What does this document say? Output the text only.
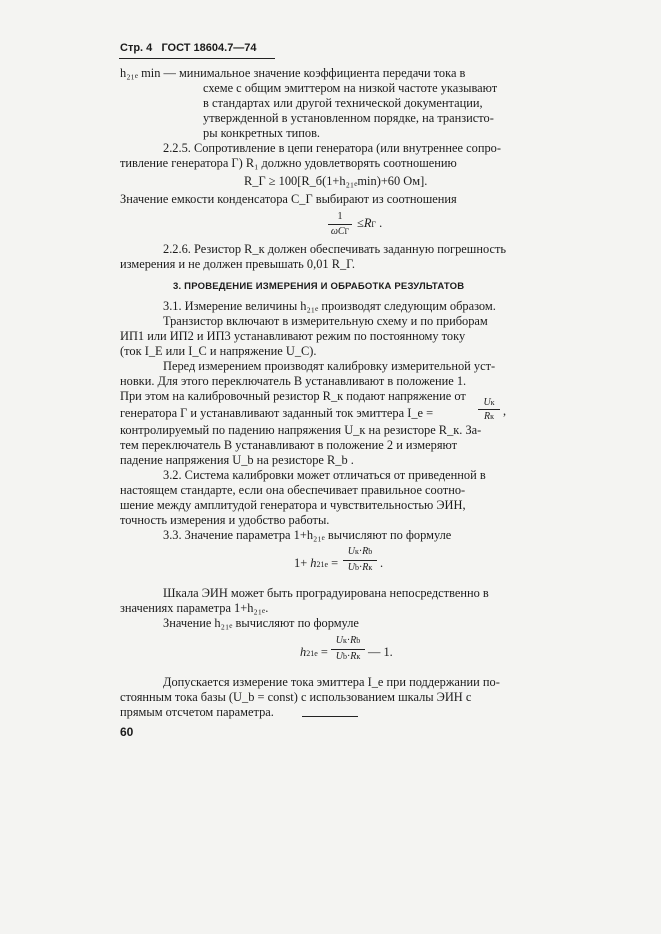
Стр. 4 ГОСТ 18604.7—74
h₂₁ₑ min — минимальное значение коэффициента передачи тока в
схеме с общим эмиттером на низкой частоте указывают
в стандартах или другой технической документации,
утвержденной в установленном порядке, на транзисто-
ры конкретных типов.
2.2.5. Сопротивление в цепи генератора (или внутреннее сопро-
тивление генератора Г) R₁ должно удовлетворять соотношению
R_Г ≥ 100[R_б(1+h₂₁ₑmin)+60 Ом].
Значение емкости конденсатора C_Г выбирают из соотношения
1
ωCГ
≤RГ .
2.2.6. Резистор R_к должен обеспечивать заданную погрешность
измерения и не должен превышать 0,01 R_Г.
3. ПРОВЕДЕНИЕ ИЗМЕРЕНИЯ И ОБРАБОТКА РЕЗУЛЬТАТОВ
3.1. Измерение величины h₂₁ₑ производят следующим образом.
Транзистор включают в измерительную схему и по приборам
ИП1 или ИП2 и ИП3 устанавливают режим по постоянному току
(ток I_E или I_C и напряжение U_C).
Перед измерением производят калибровку измерительной уст-
новки. Для этого переключатель В устанавливают в положение 1.
При этом на калибровочный резистор R_к подают напряжение от
генератора Г и устанавливают заданный ток эмиттера I_e =
Uк
Rк ,
контролируемый по падению напряжения U_к на резисторе R_к. За-
тем переключатель В устанавливают в положение 2 и измеряют
падение напряжения U_b на резисторе R_b .
3.2. Система калибровки может отличаться от приведенной в
настоящем стандарте, если она обеспечивает правильное соотно-
шение между амплитудой генератора и чувствительностью ЭИН,
точность измерения и удобство работы.
3.3. Значение параметра 1+h₂₁ₑ вычисляют по формуле
1+ h21e =
Uк·Rb
Ub·Rк .
Шкала ЭИН может быть проградуирована непосредственно в
значениях параметра 1+h₂₁ₑ.
Значение h₂₁ₑ вычисляют по формуле
h21e =
Uк·Rb
Ub·Rк — 1.
Допускается измерение тока эмиттера I_e при поддержании по-
стоянным тока базы (U_b = const) с использованием шкалы ЭИН с
прямым отсчетом параметра.
60
